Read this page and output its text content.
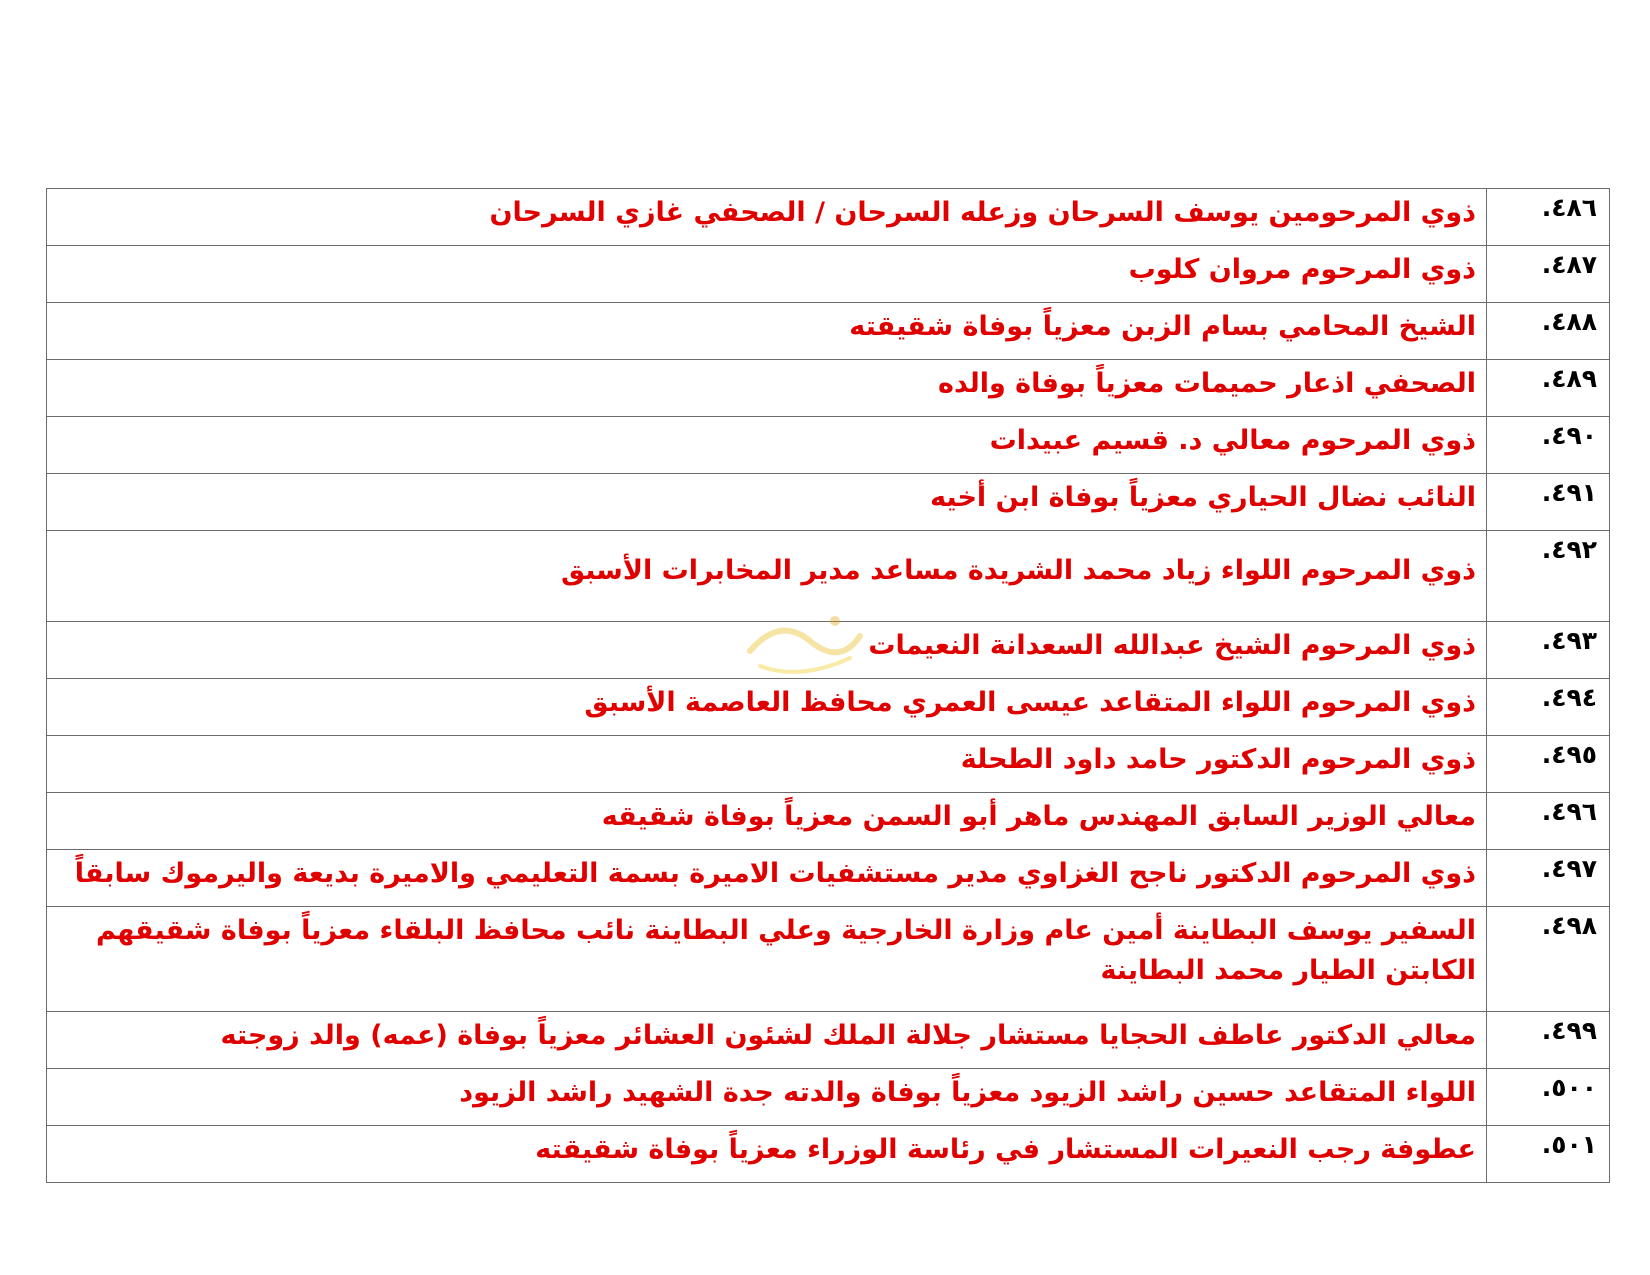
٤٨٦.	ذوي المرحومين يوسف السرحان وزعله السرحان / الصحفي غازي السرحان
٤٨٧.	ذوي المرحوم مروان كلوب
٤٨٨.	الشيخ المحامي بسام الزبن معزياً بوفاة شقيقته
٤٨٩.	الصحفي اذعار حميمات معزياً بوفاة والده
٤٩٠.	ذوي المرحوم معالي د. قسيم عبيدات
٤٩١.	النائب نضال الحياري معزياً بوفاة ابن أخيه
٤٩٢.	ذوي المرحوم اللواء زياد محمد الشريدة مساعد مدير المخابرات الأسبق
٤٩٣.	ذوي المرحوم الشيخ عبدالله السعدانة النعيمات
٤٩٤.	ذوي المرحوم اللواء المتقاعد عيسى العمري محافظ العاصمة الأسبق
٤٩٥.	ذوي المرحوم الدكتور حامد داود الطحلة
٤٩٦.	معالي الوزير السابق المهندس ماهر أبو السمن معزياً بوفاة شقيقه
٤٩٧.	ذوي المرحوم الدكتور ناجح الغزاوي مدير مستشفيات الاميرة بسمة التعليمي والاميرة بديعة واليرموك سابقاً
٤٩٨.	السفير يوسف البطاينة أمين عام وزارة الخارجية وعلي البطاينة نائب محافظ البلقاء معزياً بوفاة شقيقهم الكابتن الطيار محمد البطاينة
٤٩٩.	معالي الدكتور عاطف الحجايا مستشار جلالة الملك لشئون العشائر معزياً بوفاة (عمه) والد زوجته
٥٠٠.	اللواء المتقاعد حسين راشد الزيود معزياً بوفاة والدته جدة الشهيد راشد الزيود
٥٠١.	عطوفة رجب النعيرات المستشار في رئاسة الوزراء معزياً بوفاة شقيقته
